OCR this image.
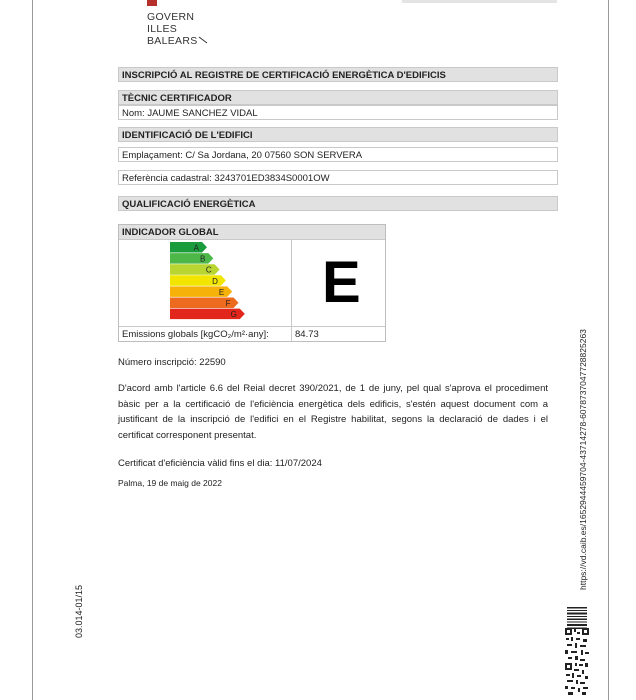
GOVERN
ILLES
BALEARS
INSCRIPCIÓ AL REGISTRE DE CERTIFICACIÓ ENERGÈTICA D'EDIFICIS
TÈCNIC CERTIFICADOR
Nom: JAUME SANCHEZ VIDAL
IDENTIFICACIÓ DE L'EDIFICI
Emplaçament: C/ Sa Jordana, 20 07560 SON SERVERA
Referència cadastral: 3243701ED3834S0001OW
QUALIFICACIÓ ENERGÈTICA
INDICADOR GLOBAL
A
B
C
D
E
F
G E
Emissions globals [kgCO₂/m²·any]:	84.73
Número inscripció: 22590
D'acord amb l'article 6.6 del Reial decret 390/2021, de 1 de juny, pel qual s'aprova el procediment bàsic per a la certificació de l'eficiència energètica dels edificis, s'estén aquest document com a justificant de la inscripció de l'edifici en el Registre habilitat, segons la declaració de dades i el certificat corresponent presentat.
Certificat d'eficiència vàlid fins el dia: 11/07/2024
Palma, 19 de maig de 2022
03.014-01/15
https://vd.caib.es/1652944459704-43714278-6078737047728825263
